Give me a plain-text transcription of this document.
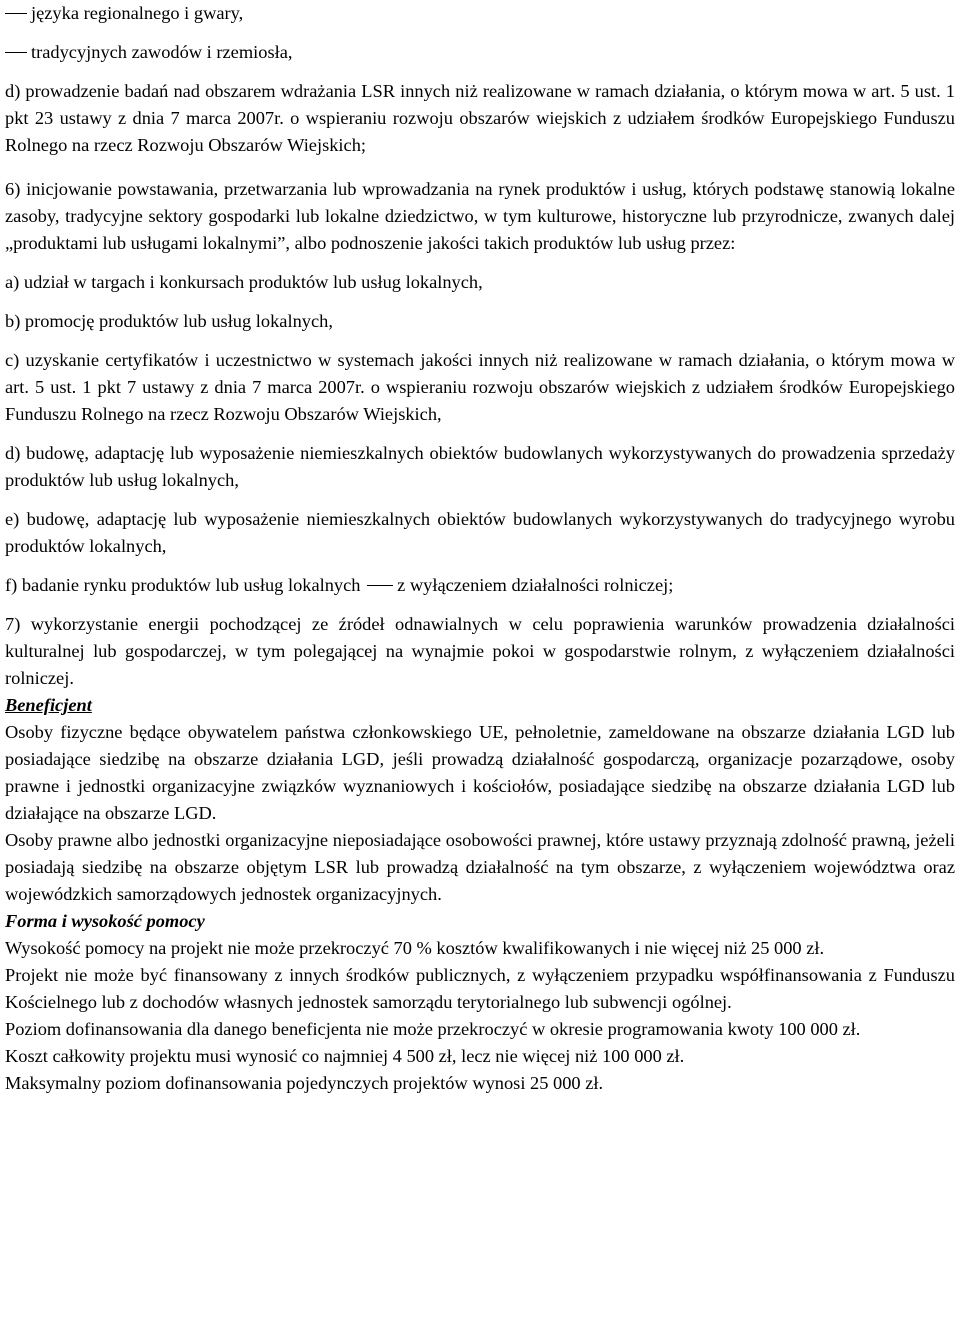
języka regionalnego i gwary,

tradycyjnych zawodów i rzemiosła,

d) prowadzenie badań nad obszarem wdrażania LSR innych niż realizowane w ramach działania, o którym mowa w art. 5 ust. 1 pkt 23 ustawy z dnia 7 marca 2007r. o wspieraniu rozwoju obszarów wiejskich z udziałem środków Europejskiego Funduszu Rolnego na rzecz Rozwoju Obszarów Wiejskich;

6) inicjowanie powstawania, przetwarzania lub wprowadzania na rynek produktów i usług, których podstawę stanowią lokalne zasoby, tradycyjne sektory gospodarki lub lokalne dziedzictwo, w tym kulturowe, historyczne lub przyrodnicze, zwanych dalej „produktami lub usługami lokalnymi”, albo podnoszenie jakości takich produktów lub usług przez:

a) udział w targach i konkursach produktów lub usług lokalnych,

b) promocję produktów lub usług lokalnych,

c) uzyskanie certyfikatów i uczestnictwo w systemach jakości innych niż realizowane w ramach działania, o którym mowa w art. 5 ust. 1 pkt 7 ustawy z dnia 7 marca 2007r. o wspieraniu rozwoju obszarów wiejskich z udziałem środków Europejskiego Funduszu Rolnego na rzecz Rozwoju Obszarów Wiejskich,

d) budowę, adaptację lub wyposażenie niemieszkalnych obiektów budowlanych wykorzystywanych do prowadzenia sprzedaży produktów lub usług lokalnych,

e) budowę, adaptację lub wyposażenie niemieszkalnych obiektów budowlanych wykorzystywanych do tradycyjnego wyrobu produktów lokalnych,

f) badanie rynku produktów lub usług lokalnych z wyłączeniem działalności rolniczej;

7) wykorzystanie energii pochodzącej ze źródeł odnawialnych w celu poprawienia warunków prowadzenia działalności kulturalnej lub gospodarczej, w tym polegającej na wynajmie pokoi w gospodarstwie rolnym, z wyłączeniem działalności rolniczej.

Beneficjent

Osoby fizyczne będące obywatelem państwa członkowskiego UE, pełnoletnie, zameldowane na obszarze działania LGD lub posiadające siedzibę na obszarze działania LGD, jeśli prowadzą działalność gospodarczą, organizacje pozarządowe, osoby prawne i jednostki organizacyjne związków wyznaniowych i kościołów, posiadające siedzibę na obszarze działania LGD lub działające na obszarze LGD.

Osoby prawne albo jednostki organizacyjne nieposiadające osobowości prawnej, które ustawy przyznają zdolność prawną, jeżeli posiadają siedzibę na obszarze objętym LSR lub prowadzą działalność na tym obszarze, z wyłączeniem województwa oraz wojewódzkich samorządowych jednostek organizacyjnych.

Forma i wysokość pomocy

Wysokość pomocy na projekt nie może przekroczyć 70 % kosztów kwalifikowanych i nie więcej niż 25 000 zł.

Projekt nie może być finansowany z innych środków publicznych, z wyłączeniem przypadku współfinansowania z Funduszu Kościelnego lub z dochodów własnych jednostek samorządu terytorialnego lub subwencji ogólnej.

Poziom dofinansowania dla danego beneficjenta nie może przekroczyć w okresie programowania kwoty 100 000 zł.

Koszt całkowity projektu musi wynosić co najmniej 4 500 zł, lecz nie więcej niż 100 000 zł.

Maksymalny poziom dofinansowania pojedynczych projektów wynosi 25 000 zł.
